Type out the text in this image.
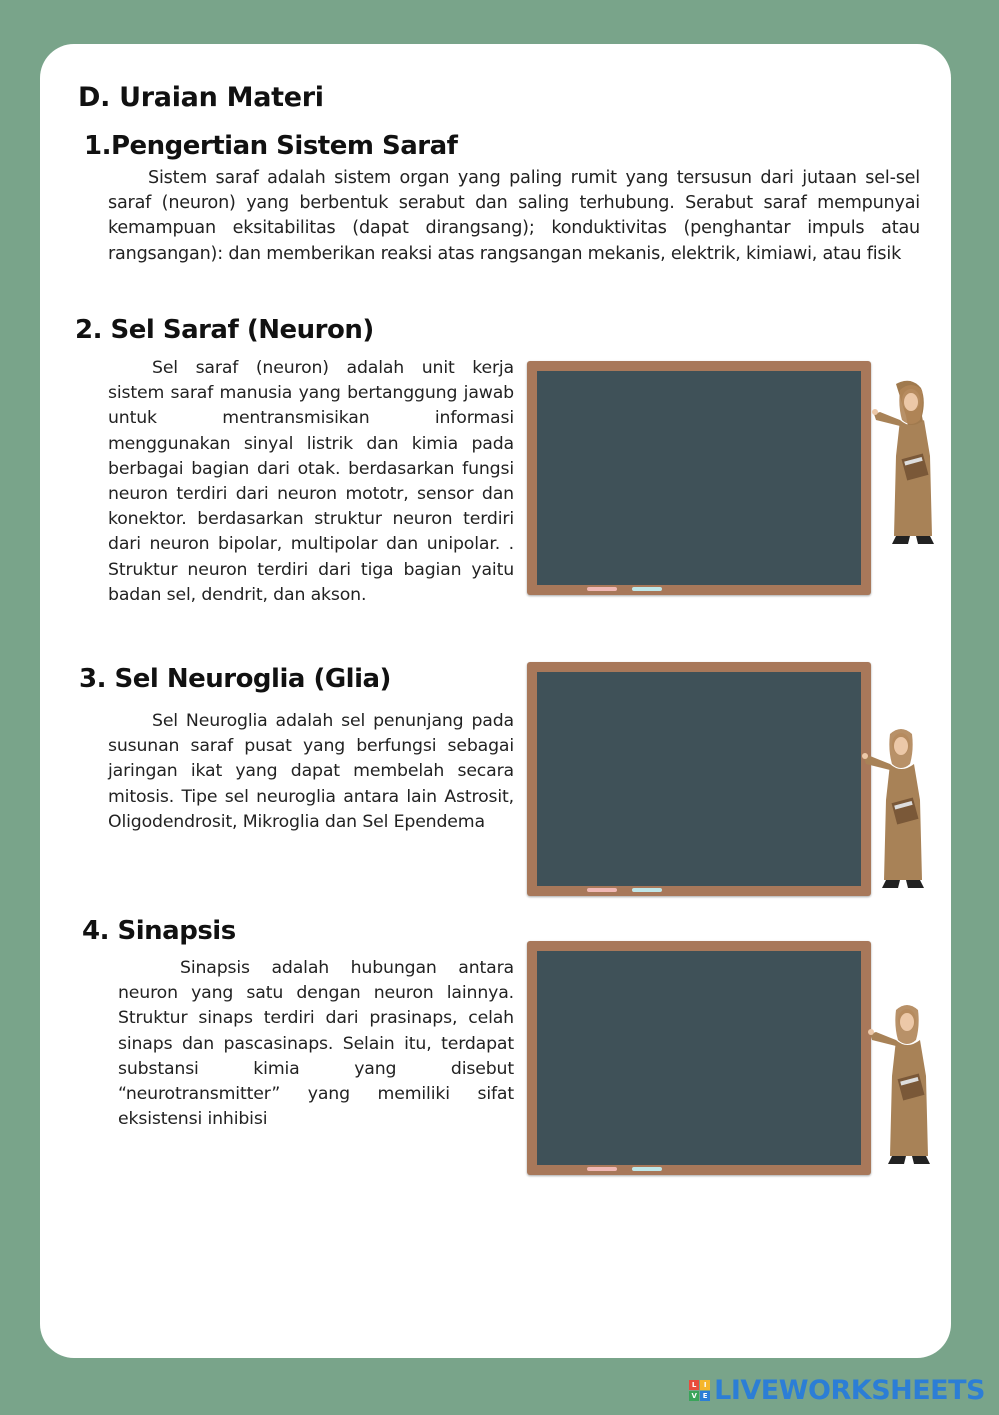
D. Uraian Materi
1.Pengertian Sistem Saraf

Sistem saraf adalah sistem organ yang paling rumit yang tersusun dari jutaan sel-sel saraf (neuron) yang berbentuk serabut dan saling terhubung. Serabut saraf mempunyai kemampuan eksitabilitas (dapat dirangsang); konduktivitas (penghantar impuls atau rangsangan): dan memberikan reaksi atas rangsangan mekanis, elektrik, kimiawi, atau fisik

2. Sel Saraf (Neuron)

Sel saraf (neuron) adalah unit kerja sistem saraf manusia yang bertanggung jawab untuk mentransmisikan informasi menggunakan sinyal listrik dan kimia pada berbagai bagian dari otak. berdasarkan fungsi neuron terdiri dari neuron mototr, sensor dan konektor. berdasarkan struktur neuron terdiri dari neuron bipolar, multipolar dan unipolar. . Struktur neuron terdiri dari tiga bagian yaitu badan sel, dendrit, dan akson.

3. Sel Neuroglia (Glia)

Sel Neuroglia adalah sel penunjang pada susunan saraf pusat yang berfungsi sebagai jaringan ikat yang dapat membelah secara mitosis. Tipe sel neuroglia antara lain Astrosit, Oligodendrosit, Mikroglia dan Sel Ependema

4. Sinapsis

Sinapsis adalah hubungan antara neuron yang satu dengan neuron lainnya. Struktur sinaps terdiri dari prasinaps, celah sinaps dan pascasinaps. Selain itu, terdapat substansi kimia yang disebut “neurotransmitter” yang memiliki sifat eksistensi inhibisi

L	I
V E LIVEWORKSHEETS
